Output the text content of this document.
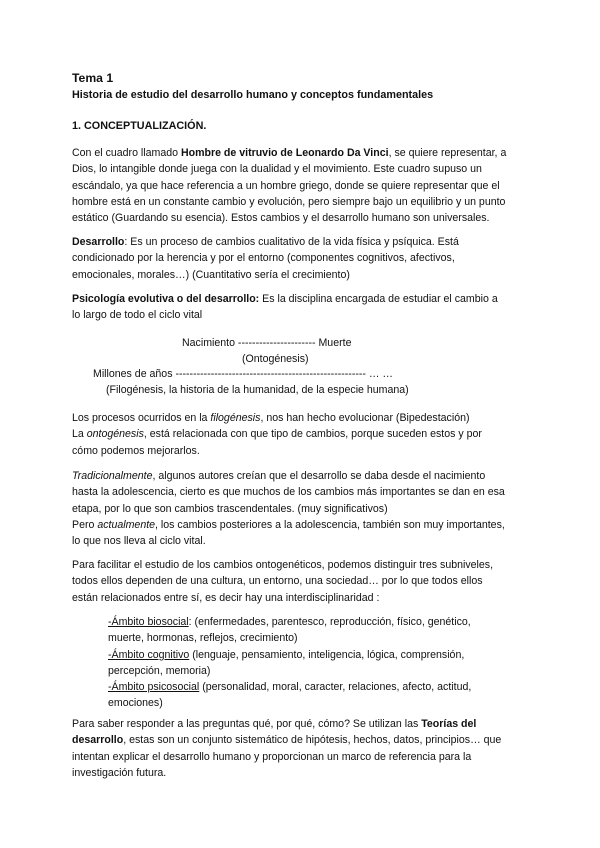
Tema 1
Historia de estudio del desarrollo humano y conceptos fundamentales
1. CONCEPTUALIZACIÓN.
Con el cuadro llamado Hombre de vitruvio de Leonardo Da Vinci, se quiere representar, a
Dios, lo intangible donde juega con la dualidad y el movimiento. Este cuadro supuso un
escándalo, ya que hace referencia a un hombre griego, donde se quiere representar que el
hombre está en un constante cambio y evolución, pero siempre bajo un equilibrio y un punto
estático (Guardando su esencia). Estos cambios y el desarrollo humano son universales.
Desarrollo: Es un proceso de cambios cualitativo de la vida física y psíquica. Está
condicionado por la herencia y por el entorno (componentes cognitivos, afectivos,
emocionales, morales…) (Cuantitativo sería el crecimiento)
Psicología evolutiva o del desarrollo: Es la disciplina encargada de estudiar el cambio a
lo largo de todo el ciclo vital
Nacimiento ---------------------- Muerte
(Ontogénesis)
Millones de años ------------------------------------------------------ … …
(Filogénesis, la historia de la humanidad, de la especie humana)
Los procesos ocurridos en la filogénesis, nos han hecho evolucionar (Bipedestación)
La ontogénesis, está relacionada con que tipo de cambios, porque suceden estos y por
cómo podemos mejorarlos.
Tradicionalmente, algunos autores creían que el desarrollo se daba desde el nacimiento
hasta la adolescencia, cierto es que muchos de los cambios más importantes se dan en esa
etapa, por lo que son cambios trascendentales. (muy significativos)
Pero actualmente, los cambios posteriores a la adolescencia, también son muy importantes,
lo que nos lleva al ciclo vital.
Para facilitar el estudio de los cambios ontogenéticos, podemos distinguir tres subniveles,
todos ellos dependen de una cultura, un entorno, una sociedad… por lo que todos ellos
están relacionados entre sí, es decir hay una interdisciplinaridad :
-Ámbito biosocial: (enfermedades, parentesco, reproducción, físico, genético,
muerte, hormonas, reflejos, crecimiento)
-Ámbito cognitivo (lenguaje, pensamiento, inteligencia, lógica, comprensión,
percepción, memoria)
-Ámbito psicosocial (personalidad, moral, caracter, relaciones, afecto, actitud,
emociones)
Para saber responder a las preguntas qué, por qué, cómo? Se utilizan las Teorías del
desarrollo, estas son un conjunto sistemático de hipótesis, hechos, datos, principios… que
intentan explicar el desarrollo humano y proporcionan un marco de referencia para la
investigación futura.
